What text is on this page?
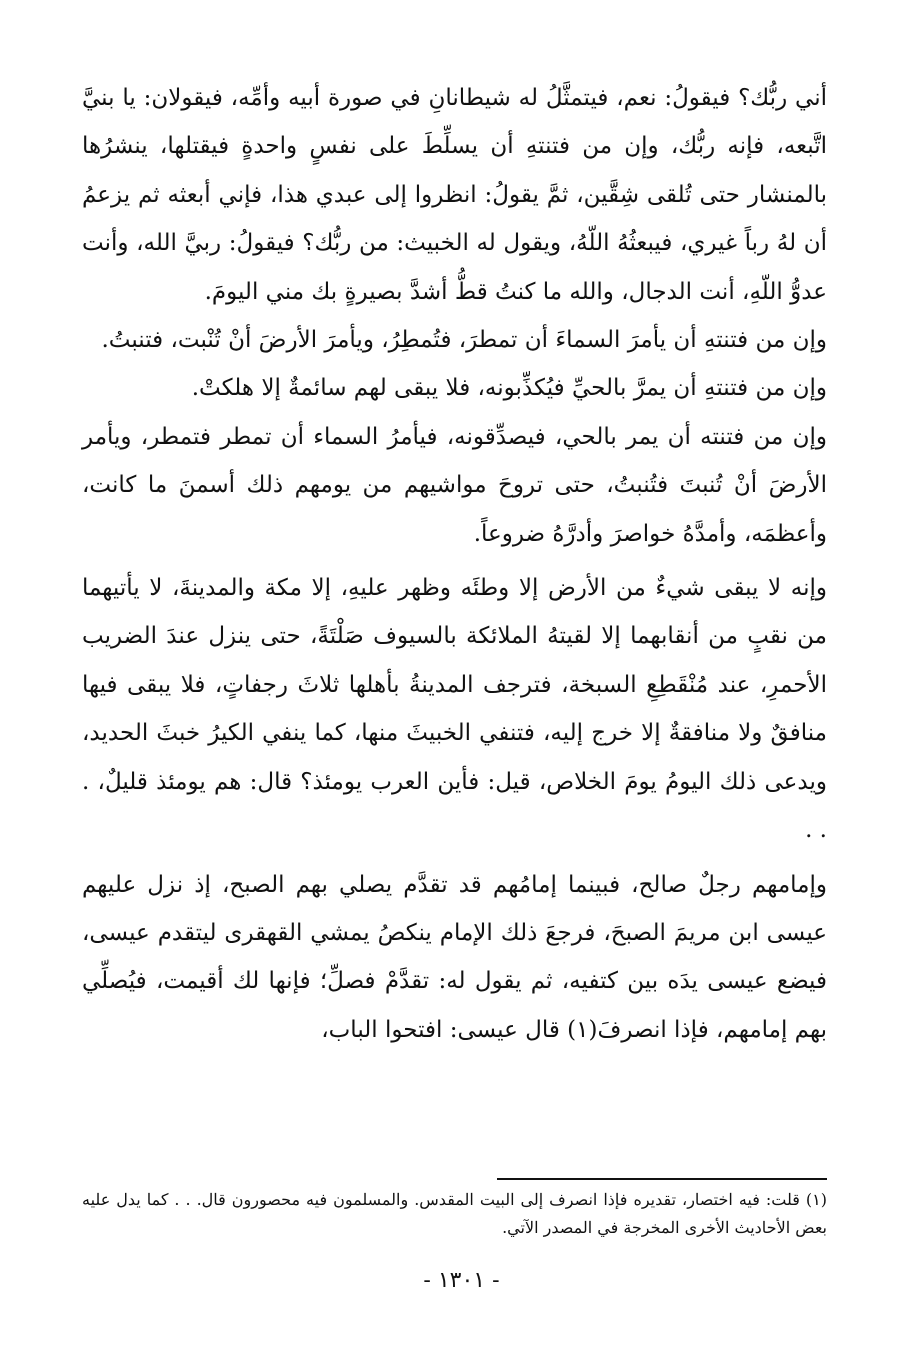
أني ربُّك؟ فيقولُ: نعم، فيتمثَّلُ له شيطانانِ في صورة أبيه وأمِّه، فيقولان: يا بنيَّ اتَّبعه، فإنه ربُّك، وإن من فتنتهِ أن يسلِّطَ على نفسٍ واحدةٍ فيقتلها، ينشرُها بالمنشار حتى تُلقى شِقَّين، ثمَّ يقولُ: انظروا إلى عبدي هذا، فإني أبعثه ثم يزعمُ أن لهُ رباً غيري، فيبعثُهُ اللّهُ، ويقول له الخبيث: من ربُّك؟ فيقولُ: ربيَّ الله، وأنت عدوُّ اللّهِ، أنت الدجال، والله ما كنتُ قطُّ أشدَّ بصيرةٍ بك مني اليومَ.

وإن من فتنتهِ أن يأمرَ السماءَ أن تمطرَ، فتُمطِرُ، ويأمرَ الأرضَ أنْ تُنْبت، فتنبتُ.

وإن من فتنتهِ أن يمرَّ بالحيِّ فيُكذِّبونه، فلا يبقى لهم سائمةٌ إلا هلكتْ.

وإن من فتنته أن يمر بالحي، فيصدِّقونه، فيأمرُ السماء أن تمطر فتمطر، ويأمر الأرضَ أنْ تُنبتَ فتُنبتُ، حتى تروحَ مواشيهم من يومهم ذلك أسمنَ ما كانت، وأعظمَه، وأمدَّهُ خواصرَ وأدرَّهُ ضروعاً.

وإنه لا يبقى شيءٌ من الأرض إلا وطئَه وظهر عليهِ، إلا مكة والمدينةَ، لا يأتيهما من نقبٍ من أنقابهما إلا لقيتهُ الملائكة بالسيوف صَلْتَةً، حتى ينزل عندَ الضريب الأحمرِ، عند مُنْقَطِعِ السبخة، فترجف المدينةُ بأهلها ثلاثَ رجفاتٍ، فلا يبقى فيها منافقٌ ولا منافقةٌ إلا خرج إليه، فتنفي الخبيثَ منها، كما ينفي الكيرُ خبثَ الحديد، ويدعى ذلك اليومُ يومَ الخلاص، قيل: فأين العرب يومئذ؟ قال: هم يومئذ قليلٌ، . . .

وإمامهم رجلٌ صالح، فبينما إمامُهم قد تقدَّم يصلي بهم الصبح، إذ نزل عليهم عيسى ابن مريمَ الصبحَ، فرجعَ ذلك الإمام ينكصُ يمشي القهقرى ليتقدم عيسى، فيضع عيسى يدَه بين كتفيه، ثم يقول له: تقدَّمْ فصلِّ؛ فإنها لك أقيمت، فيُصلِّي بهم إمامهم، فإذا انصرفَ(١) قال عيسى: افتحوا الباب،

(١) قلت: فيه اختصار، تقديره فإذا انصرف إلى البيت المقدس. والمسلمون فيه محصورون قال. . . كما يدل عليه بعض الأحاديث الأخرى المخرجة في المصدر الآتي.

- ١٣٠١ -
